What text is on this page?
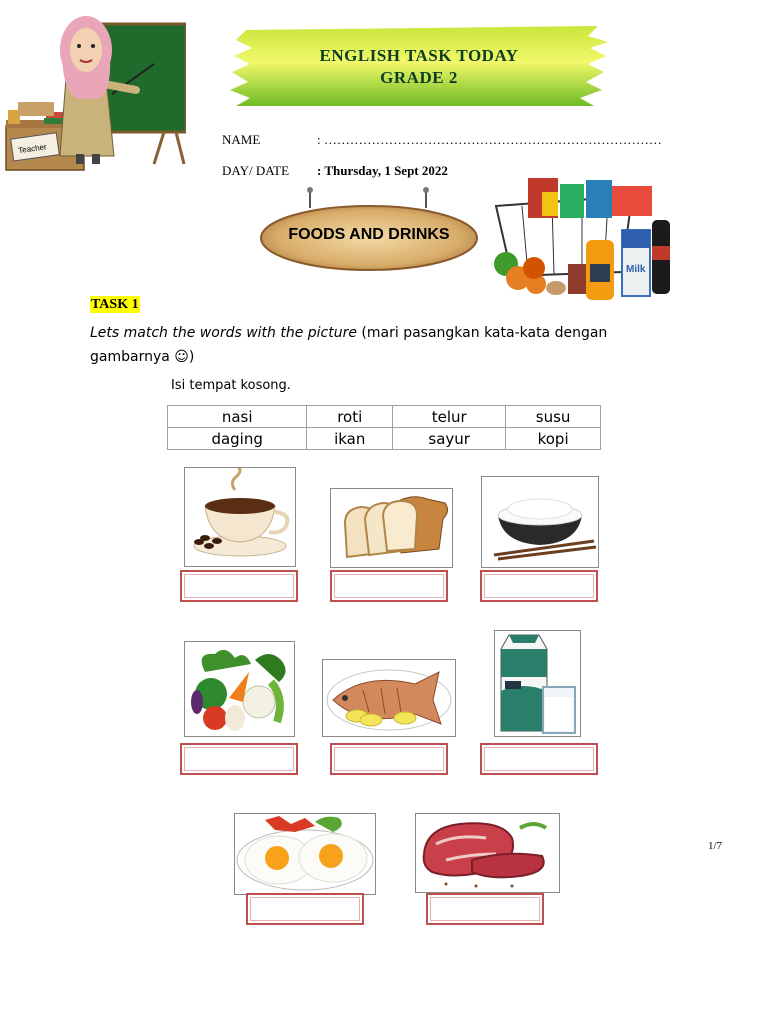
Teacher
ENGLISH TASK TODAY
GRADE 2
NAME	: ……………………………………………………………………
DAY/ DATE : Thursday, 1 Sept 2022
FOODS AND DRINKS
Milk
TASK 1
Lets match the words with the picture (mari pasangkan kata-kata dengan gambarnya ☺)
Isi tempat kosong.
nasi	roti	telur	susu
daging	ikan	sayur	kopi
1/7
